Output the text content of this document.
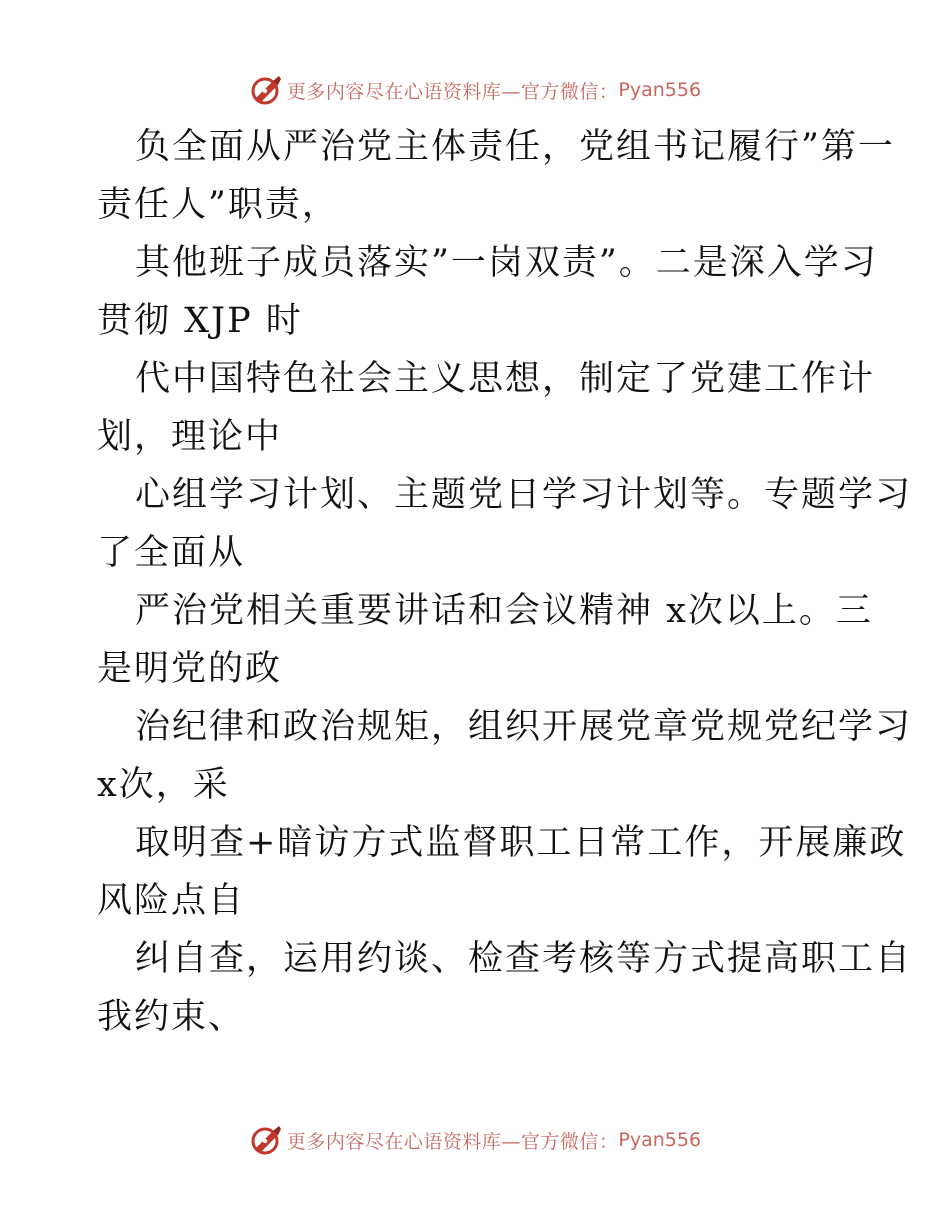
更多内容尽在心语资料库—官方微信： Pyan556
负全面从严治党主体责任，党组书记履行”第一
责任人”职责，
其他班子成员落实”一岗双责”。二是深入学习
贯彻 XJP 时
代中国特色社会主义思想，制定了党建工作计
划，理论中
心组学习计划、主题党日学习计划等。专题学习
了全面从
严治党相关重要讲话和会议精神 x次以上。三
是明党的政
治纪律和政治规矩，组织开展党章党规党纪学习
x次，采
取明查+暗访方式监督职工日常工作，开展廉政
风险点自
纠自查，运用约谈、检查考核等方式提高职工自
我约束、
更多内容尽在心语资料库—官方微信： Pyan556
